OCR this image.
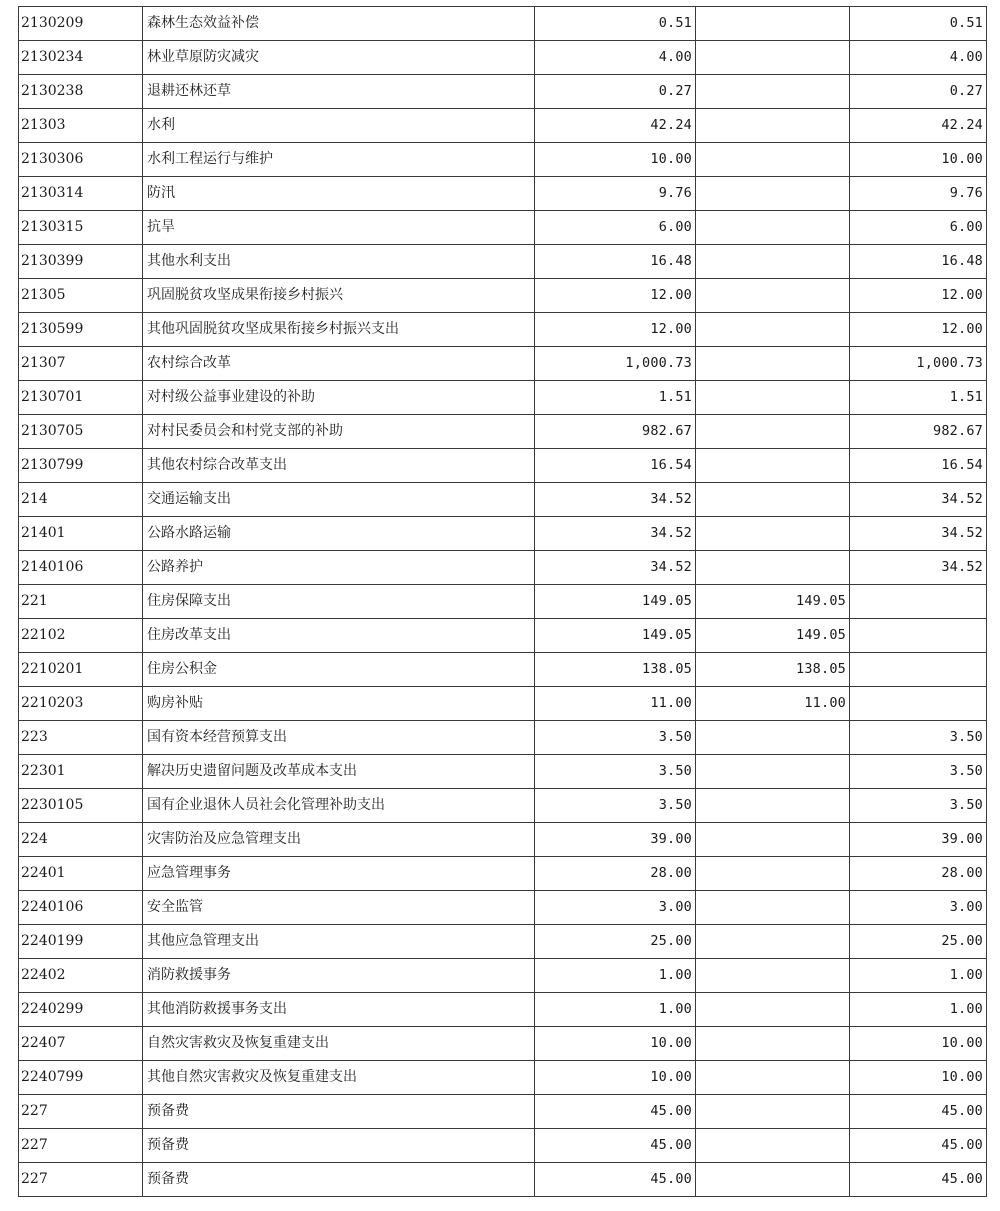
2130209	森林生态效益补偿	0.51		0.51
2130234	林业草原防灾减灾	4.00		4.00
2130238	退耕还林还草	0.27		0.27
21303	水利	42.24		42.24
2130306	水利工程运行与维护	10.00		10.00
2130314	防汛	9.76		9.76
2130315	抗旱	6.00		6.00
2130399	其他水利支出	16.48		16.48
21305	巩固脱贫攻坚成果衔接乡村振兴	12.00		12.00
2130599	其他巩固脱贫攻坚成果衔接乡村振兴支出	12.00		12.00
21307	农村综合改革	1,000.73		1,000.73
2130701	对村级公益事业建设的补助	1.51		1.51
2130705	对村民委员会和村党支部的补助	982.67		982.67
2130799	其他农村综合改革支出	16.54		16.54
214	交通运输支出	34.52		34.52
21401	公路水路运输	34.52		34.52
2140106	公路养护	34.52		34.52
221	住房保障支出	149.05	149.05	
22102	住房改革支出	149.05	149.05	
2210201	住房公积金	138.05	138.05	
2210203	购房补贴	11.00	11.00	
223	国有资本经营预算支出	3.50		3.50
22301	解决历史遗留问题及改革成本支出	3.50		3.50
2230105	国有企业退休人员社会化管理补助支出	3.50		3.50
224	灾害防治及应急管理支出	39.00		39.00
22401	应急管理事务	28.00		28.00
2240106	安全监管	3.00		3.00
2240199	其他应急管理支出	25.00		25.00
22402	消防救援事务	1.00		1.00
2240299	其他消防救援事务支出	1.00		1.00
22407	自然灾害救灾及恢复重建支出	10.00		10.00
2240799	其他自然灾害救灾及恢复重建支出	10.00		10.00
227	预备费	45.00		45.00
227	预备费	45.00		45.00
227	预备费	45.00		45.00
